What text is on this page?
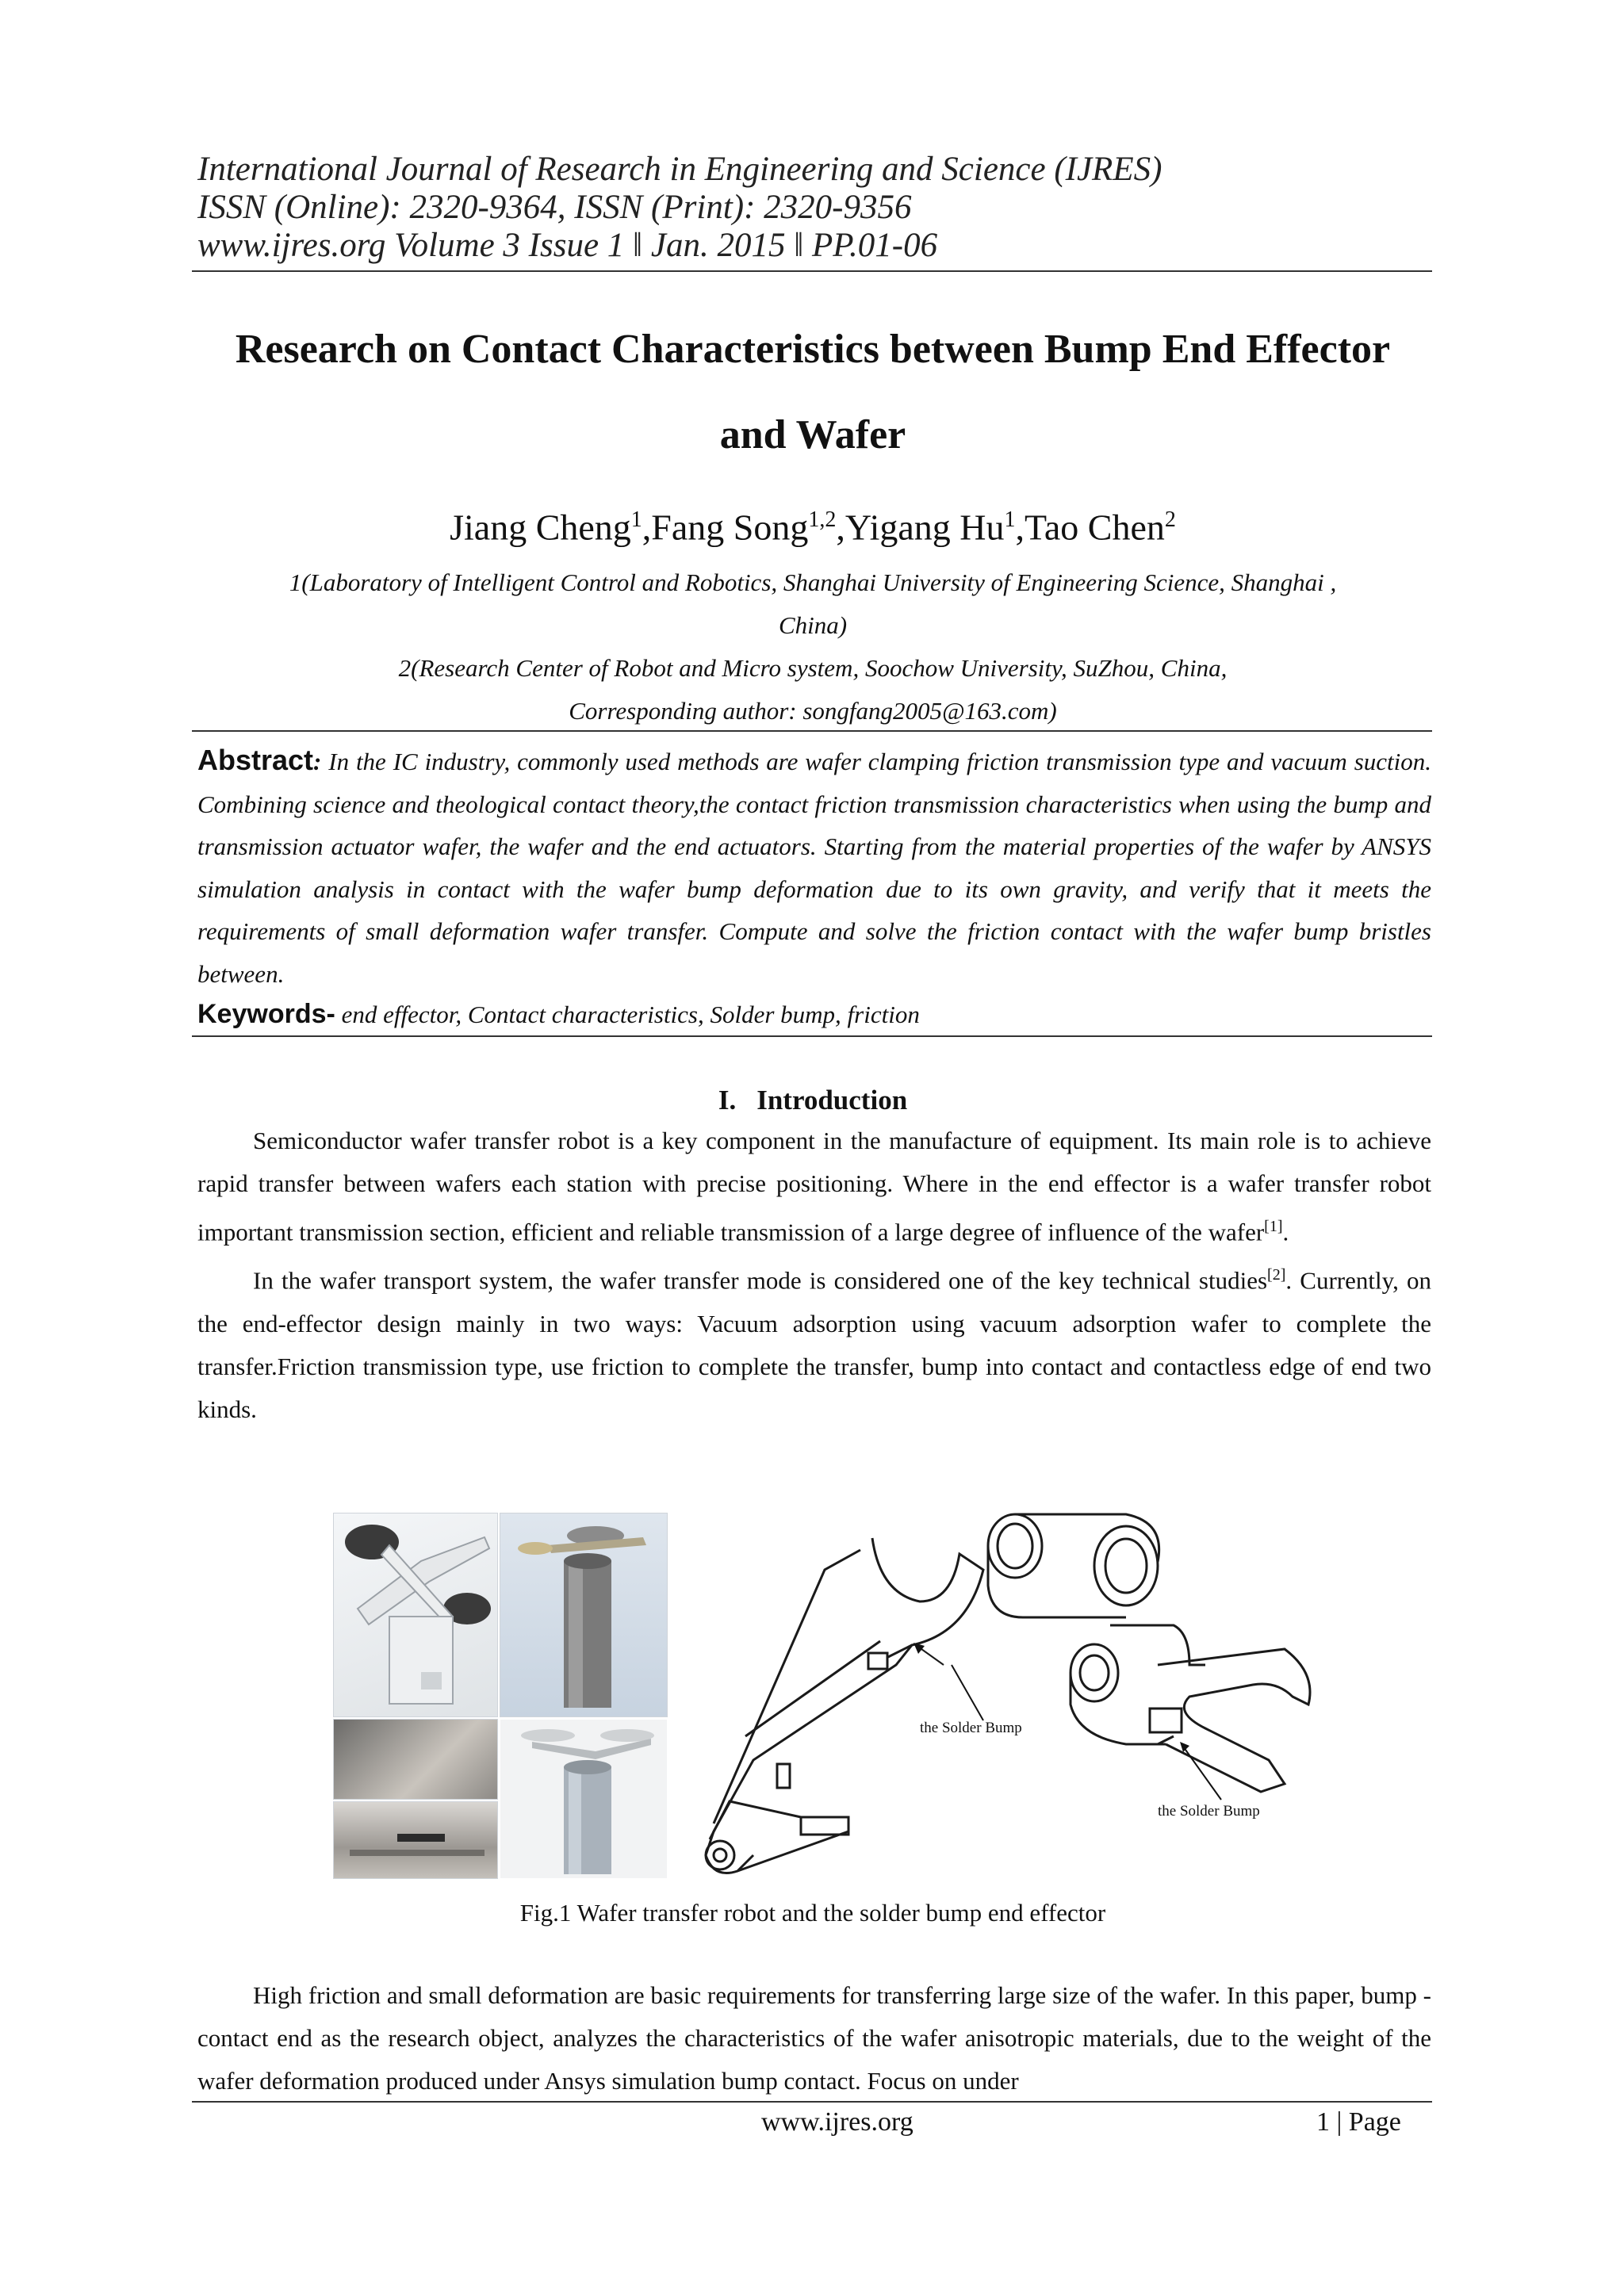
International Journal of Research in Engineering and Science (IJRES)
ISSN (Online): 2320-9364, ISSN (Print): 2320-9356
www.ijres.org Volume 3 Issue 1 ǁ Jan. 2015 ǁ PP.01-06
Research on Contact Characteristics between Bump End Effector
and Wafer
Jiang Cheng$^1$,Fang Song$^{1,2}$,Yigang Hu$^1$,Tao Chen$^2$
1(Laboratory of Intelligent Control and Robotics, Shanghai University of Engineering Science, Shanghai ,
China)
2(Research Center of Robot and Micro system, Soochow University, SuZhou, China,
Corresponding author: songfang2005@163.com)
Abstract: In the IC industry, commonly used methods are wafer clamping friction transmission type and vacuum suction. Combining science and theological contact theory,the contact friction transmission characteristics when using the bump and transmission actuator wafer, the wafer and the end actuators. Starting from the material properties of the wafer by ANSYS simulation analysis in contact with the wafer bump deformation due to its own gravity, and verify that it meets the requirements of small deformation wafer transfer. Compute and solve the friction contact with the wafer bump bristles between.
Keywords- end effector, Contact characteristics, Solder bump, friction
I. Introduction

Semiconductor wafer transfer robot is a key component in the manufacture of equipment. Its main role is to achieve rapid transfer between wafers each station with precise positioning. Where in the end effector is a wafer transfer robot important transmission section, efficient and reliable transmission of a large degree of influence of the wafer[1].

In the wafer transport system, the wafer transfer mode is considered one of the key technical studies[2]. Currently, on the end-effector design mainly in two ways: Vacuum adsorption using vacuum adsorption wafer to complete the transfer.Friction transmission type, use friction to complete the transfer, bump into contact and contactless edge of end two kinds.

the Solder Bump
the Solder Bump
Fig.1 Wafer transfer robot and the solder bump end effector

High friction and small deformation are basic requirements for transferring large size of the wafer. In this paper, bump -contact end as the research object, analyzes the characteristics of the wafer anisotropic materials, due to the weight of the wafer deformation produced under Ansys simulation bump contact. Focus on under

www.ijres.org	1 | Page
